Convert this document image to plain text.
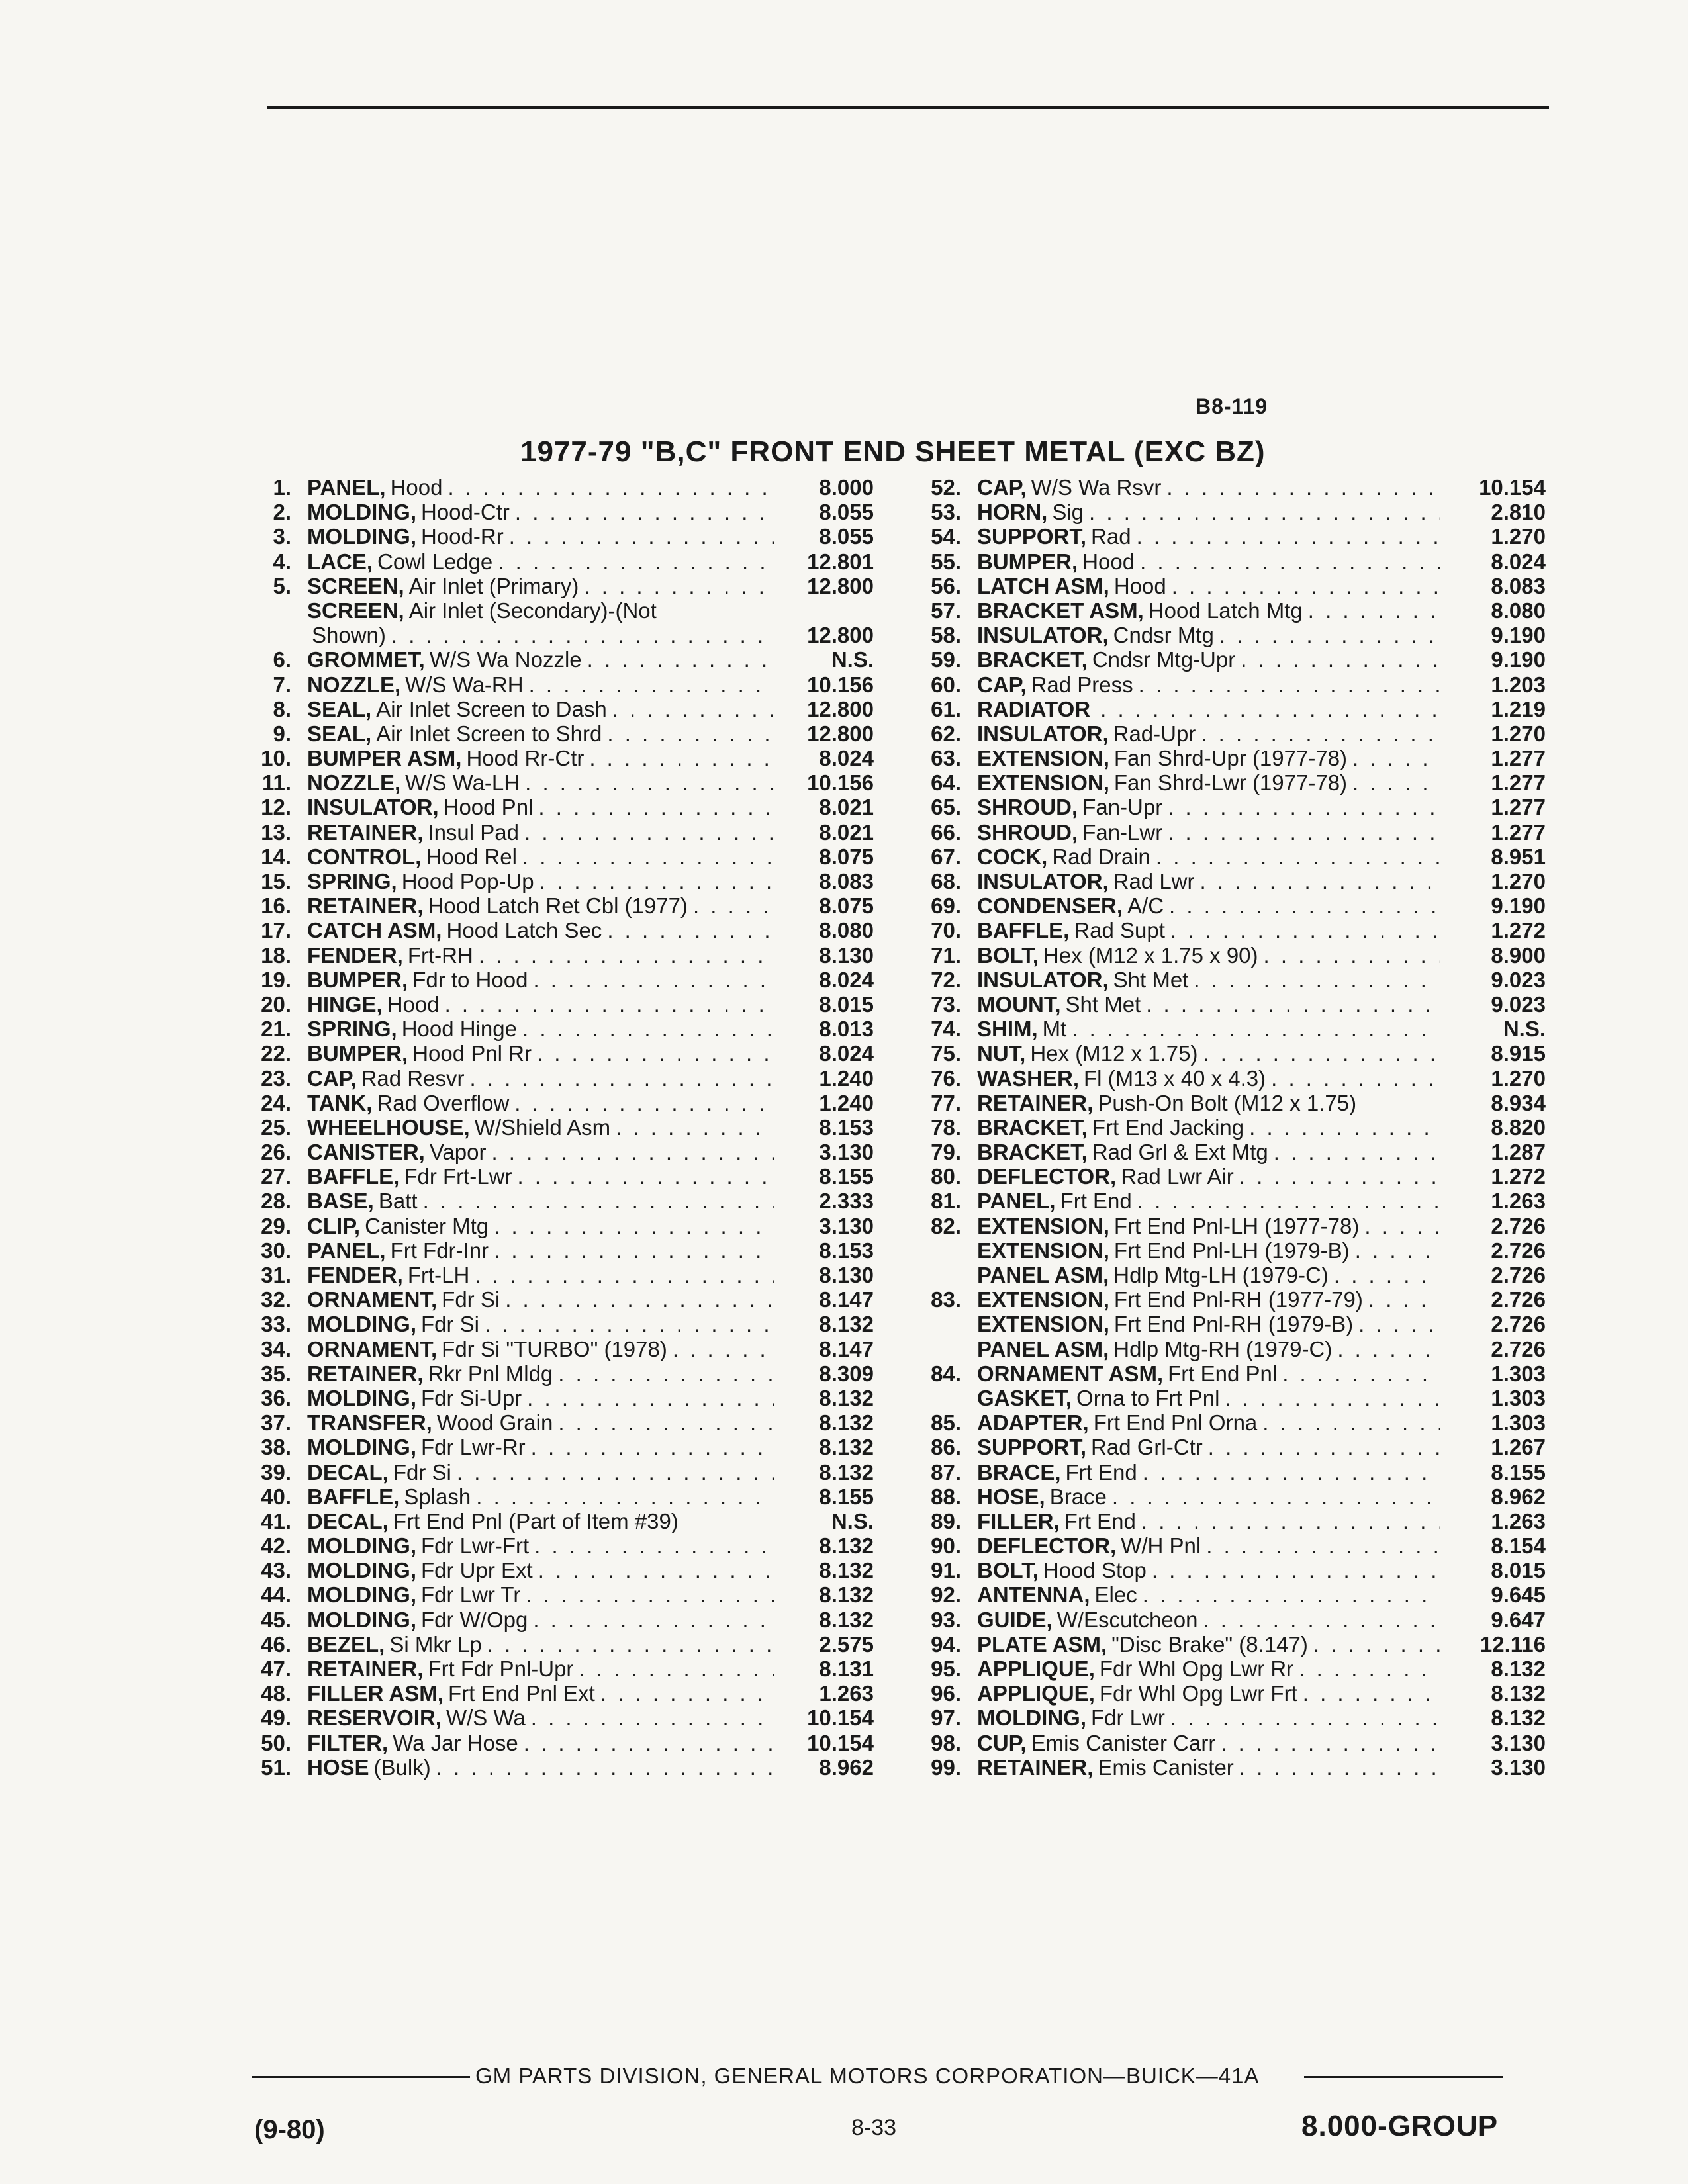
B8-119
1977-79 "B,C" FRONT END SHEET METAL (EXC BZ)
1. PANEL, Hood . . .	8.000
2. MOLDING, Hood-Ctr . . .	8.055
3. MOLDING, Hood-Rr . . .	8.055
4. LACE, Cowl Ledge . . .	12.801
5. SCREEN, Air Inlet (Primary) . . .	12.800
SCREEN, Air Inlet (Secondary)-(Not
Shown) . . .	12.800
6. GROMMET, W/S Wa Nozzle . . .	N.S.
7. NOZZLE, W/S Wa-RH . . .	10.156
8. SEAL, Air Inlet Screen to Dash . . .	12.800
9. SEAL, Air Inlet Screen to Shrd . . .	12.800
10. BUMPER ASM, Hood Rr-Ctr . . .	8.024
11. NOZZLE, W/S Wa-LH . . .	10.156
12. INSULATOR, Hood Pnl . . .	8.021
13. RETAINER, Insul Pad . . .	8.021
14. CONTROL, Hood Rel . . .	8.075
15. SPRING, Hood Pop-Up . . .	8.083
16. RETAINER, Hood Latch Ret Cbl (1977) . . .	8.075
17. CATCH ASM, Hood Latch Sec . . .	8.080
18. FENDER, Frt-RH . . .	8.130
19. BUMPER, Fdr to Hood . . .	8.024
20. HINGE, Hood . . .	8.015
21. SPRING, Hood Hinge . . .	8.013
22. BUMPER, Hood Pnl Rr . . .	8.024
23. CAP, Rad Resvr . . .	1.240
24. TANK, Rad Overflow . . .	1.240
25. WHEELHOUSE, W/Shield Asm . . .	8.153
26. CANISTER, Vapor . . .	3.130
27. BAFFLE, Fdr Frt-Lwr . . .	8.155
28. BASE, Batt . . .	2.333
29. CLIP, Canister Mtg . . .	3.130
30. PANEL, Frt Fdr-Inr . . .	8.153
31. FENDER, Frt-LH . . .	8.130
32. ORNAMENT, Fdr Si . . .	8.147
33. MOLDING, Fdr Si . . .	8.132
34. ORNAMENT, Fdr Si "TURBO" (1978) . . .	8.147
35. RETAINER, Rkr Pnl Mldg . . .	8.309
36. MOLDING, Fdr Si-Upr . . .	8.132
37. TRANSFER, Wood Grain . . .	8.132
38. MOLDING, Fdr Lwr-Rr . . .	8.132
39. DECAL, Fdr Si . . .	8.132
40. BAFFLE, Splash . . .	8.155
41. DECAL, Frt End Pnl (Part of Item #39)	N.S.
42. MOLDING, Fdr Lwr-Frt . . .	8.132
43. MOLDING, Fdr Upr Ext . . .	8.132
44. MOLDING, Fdr Lwr Tr . . .	8.132
45. MOLDING, Fdr W/Opg . . .	8.132
46. BEZEL, Si Mkr Lp . . .	2.575
47. RETAINER, Frt Fdr Pnl-Upr . . .	8.131
48. FILLER ASM, Frt End Pnl Ext . . .	1.263
49. RESERVOIR, W/S Wa . . .	10.154
50. FILTER, Wa Jar Hose . . .	10.154
51. HOSE (Bulk) . . .	8.962
52. CAP, W/S Wa Rsvr . . .	10.154
53. HORN, Sig . . .	2.810
54. SUPPORT, Rad . . .	1.270
55. BUMPER, Hood . . .	8.024
56. LATCH ASM, Hood . . .	8.083
57. BRACKET ASM, Hood Latch Mtg . . .	8.080
58. INSULATOR, Cndsr Mtg . . .	9.190
59. BRACKET, Cndsr Mtg-Upr . . .	9.190
60. CAP, Rad Press . . .	1.203
61. RADIATOR . . .	1.219
62. INSULATOR, Rad-Upr . . .	1.270
63. EXTENSION, Fan Shrd-Upr (1977-78) . . .	1.277
64. EXTENSION, Fan Shrd-Lwr (1977-78) . . .	1.277
65. SHROUD, Fan-Upr . . .	1.277
66. SHROUD, Fan-Lwr . . .	1.277
67. COCK, Rad Drain . . .	8.951
68. INSULATOR, Rad Lwr . . .	1.270
69. CONDENSER, A/C . . .	9.190
70. BAFFLE, Rad Supt . . .	1.272
71. BOLT, Hex (M12 x 1.75 x 90) . . .	8.900
72. INSULATOR, Sht Met . . .	9.023
73. MOUNT, Sht Met . . .	9.023
74. SHIM, Mt . . .	N.S.
75. NUT, Hex (M12 x 1.75) . . .	8.915
76. WASHER, Fl (M13 x 40 x 4.3) . . .	1.270
77. RETAINER, Push-On Bolt (M12 x 1.75)	8.934
78. BRACKET, Frt End Jacking . . .	8.820
79. BRACKET, Rad Grl & Ext Mtg . . .	1.287
80. DEFLECTOR, Rad Lwr Air . . .	1.272
81. PANEL, Frt End . . .	1.263
82. EXTENSION, Frt End Pnl-LH (1977-78) . . .	2.726
EXTENSION, Frt End Pnl-LH (1979-B) . . .	2.726
PANEL ASM, Hdlp Mtg-LH (1979-C) . . .	2.726
83. EXTENSION, Frt End Pnl-RH (1977-79) . . .	2.726
EXTENSION, Frt End Pnl-RH (1979-B) . . .	2.726
PANEL ASM, Hdlp Mtg-RH (1979-C) . . .	2.726
84. ORNAMENT ASM, Frt End Pnl . . .	1.303
GASKET, Orna to Frt Pnl . . .	1.303
85. ADAPTER, Frt End Pnl Orna . . .	1.303
86. SUPPORT, Rad Grl-Ctr . . .	1.267
87. BRACE, Frt End . . .	8.155
88. HOSE, Brace . . .	8.962
89. FILLER, Frt End . . .	1.263
90. DEFLECTOR, W/H Pnl . . .	8.154
91. BOLT, Hood Stop . . .	8.015
92. ANTENNA, Elec . . .	9.645
93. GUIDE, W/Escutcheon . . .	9.647
94. PLATE ASM, "Disc Brake" (8.147) . . .	12.116
95. APPLIQUE, Fdr Whl Opg Lwr Rr . . .	8.132
96. APPLIQUE, Fdr Whl Opg Lwr Frt . . .	8.132
97. MOLDING, Fdr Lwr . . .	8.132
98. CUP, Emis Canister Carr . . .	3.130
99. RETAINER, Emis Canister . . .	3.130
GM PARTS DIVISION, GENERAL MOTORS CORPORATION—BUICK—41A
(9-80)	8-33	8.000-GROUP
